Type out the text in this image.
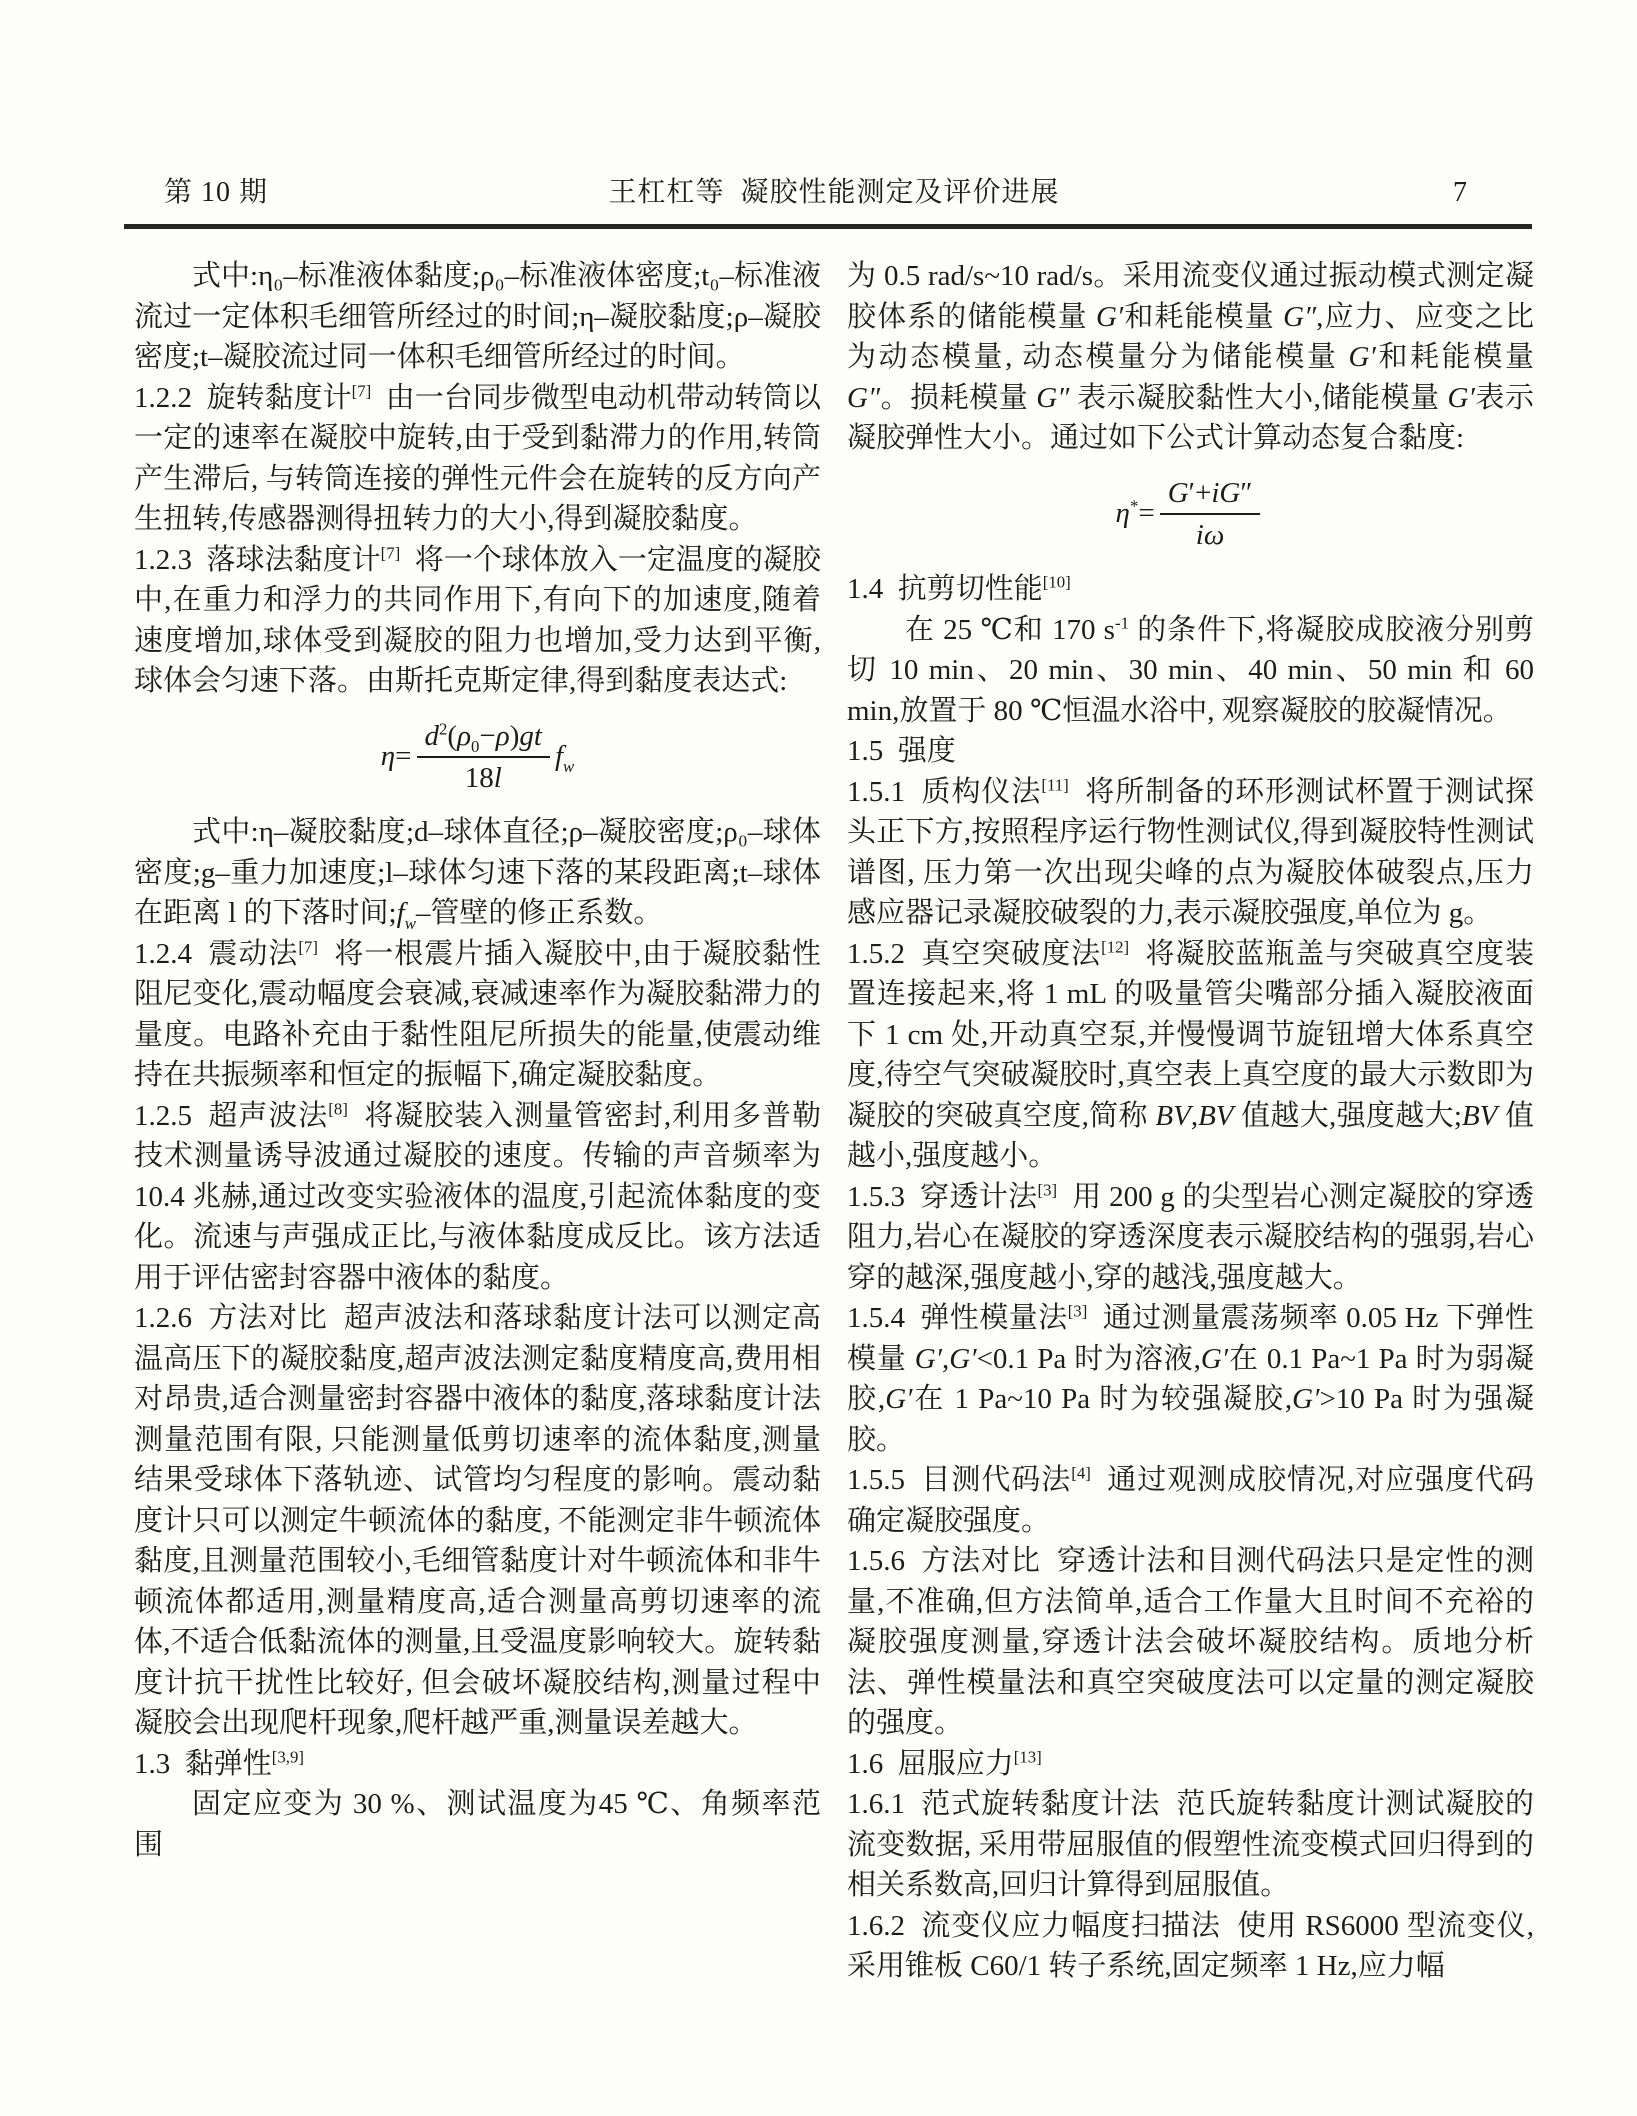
第 10 期	王杠杠等  凝胶性能测定及评价进展	7

式中:η₀–标准液体黏度;ρ₀–标准液体密度;t₀–标准液流过一定体积毛细管所经过的时间;η–凝胶黏度;ρ–凝胶密度;t–凝胶流过同一体积毛细管所经过的时间。

1.2.2  旋转黏度计[7]  由一台同步微型电动机带动转筒以一定的速率在凝胶中旋转,由于受到黏滞力的作用,转筒产生滞后, 与转筒连接的弹性元件会在旋转的反方向产生扭转,传感器测得扭转力的大小,得到凝胶黏度。

1.2.3  落球法黏度计[7]  将一个球体放入一定温度的凝胶中,在重力和浮力的共同作用下,有向下的加速度,随着速度增加,球体受到凝胶的阻力也增加,受力达到平衡,球体会匀速下落。由斯托克斯定律,得到黏度表达式:

$\eta= \frac{d^2(\rho_0-\rho)gt}{18l} f_w$

式中:η–凝胶黏度;d–球体直径;ρ–凝胶密度;ρ₀–球体密度;g–重力加速度;l–球体匀速下落的某段距离;t–球体在距离 l 的下落时间$;f_w-$管壁的修正系数。

1.2.4  震动法[7]  将一根震片插入凝胶中,由于凝胶黏性阻尼变化,震动幅度会衰减,衰减速率作为凝胶黏滞力的量度。电路补充由于黏性阻尼所损失的能量,使震动维持在共振频率和恒定的振幅下,确定凝胶黏度。

1.2.5  超声波法[8]  将凝胶装入测量管密封,利用多普勒技术测量诱导波通过凝胶的速度。传输的声音频率为 10.4 兆赫,通过改变实验液体的温度,引起流体黏度的变化。流速与声强成正比,与液体黏度成反比。该方法适用于评估密封容器中液体的黏度。

1.2.6  方法对比  超声波法和落球黏度计法可以测定高温高压下的凝胶黏度,超声波法测定黏度精度高,费用相对昂贵,适合测量密封容器中液体的黏度,落球黏度计法测量范围有限, 只能测量低剪切速率的流体黏度,测量结果受球体下落轨迹、试管均匀程度的影响。震动黏度计只可以测定牛顿流体的黏度, 不能测定非牛顿流体黏度,且测量范围较小,毛细管黏度计对牛顿流体和非牛顿流体都适用,测量精度高,适合测量高剪切速率的流体,不适合低黏流体的测量,且受温度影响较大。旋转黏度计抗干扰性比较好, 但会破坏凝胶结构,测量过程中凝胶会出现爬杆现象,爬杆越严重,测量误差越大。

1.3  黏弹性[3,9]

固定应变为 30 %、测试温度为45 ℃、角频率范围

为 0.5 rad/s~10 rad/s。采用流变仪通过振动模式测定凝胶体系的储能模量 G′和耗能模量 G″,应力、应变之比为动态模量, 动态模量分为储能模量 G′和耗能模量 G″。损耗模量 G″ 表示凝胶黏性大小,储能模量 G′表示凝胶弹性大小。通过如下公式计算动态复合黏度:

$\eta^*= \frac{G'+iG''}{i\omega}$

1.4  抗剪切性能[10]

在 25 ℃和 170 $s^{-1}$ 的条件下,将凝胶成胶液分别剪切 10 min、20 min、30 min、40 min、50 min 和 60 min,放置于 80 ℃恒温水浴中, 观察凝胶的胶凝情况。

1.5  强度

1.5.1  质构仪法[11]  将所制备的环形测试杯置于测试探头正下方,按照程序运行物性测试仪,得到凝胶特性测试谱图, 压力第一次出现尖峰的点为凝胶体破裂点,压力感应器记录凝胶破裂的力,表示凝胶强度,单位为 g。

1.5.2  真空突破度法[12]  将凝胶蓝瓶盖与突破真空度装置连接起来,将 1 mL 的吸量管尖嘴部分插入凝胶液面下 1 cm 处,开动真空泵,并慢慢调节旋钮增大体系真空度,待空气突破凝胶时,真空表上真空度的最大示数即为凝胶的突破真空度,简称 BV,BV 值越大,强度越大;BV 值越小,强度越小。

1.5.3  穿透计法[3]  用 200 g 的尖型岩心测定凝胶的穿透阻力,岩心在凝胶的穿透深度表示凝胶结构的强弱,岩心穿的越深,强度越小,穿的越浅,强度越大。

1.5.4  弹性模量法[3]  通过测量震荡频率 0.05 Hz 下弹性模量 G′,G′<0.1 Pa 时为溶液,G′在 0.1 Pa~1 Pa 时为弱凝胶,G′在 1 Pa~10 Pa 时为较强凝胶,G′>10 Pa 时为强凝胶。

1.5.5  目测代码法[4]  通过观测成胶情况,对应强度代码确定凝胶强度。

1.5.6  方法对比  穿透计法和目测代码法只是定性的测量,不准确,但方法简单,适合工作量大且时间不充裕的凝胶强度测量,穿透计法会破坏凝胶结构。质地分析法、弹性模量法和真空突破度法可以定量的测定凝胶的强度。

1.6  屈服应力[13]

1.6.1  范式旋转黏度计法  范氏旋转黏度计测试凝胶的流变数据, 采用带屈服值的假塑性流变模式回归得到的相关系数高,回归计算得到屈服值。

1.6.2  流变仪应力幅度扫描法  使用 RS6000 型流变仪,采用锥板 C60/1 转子系统,固定频率 1 Hz,应力幅
